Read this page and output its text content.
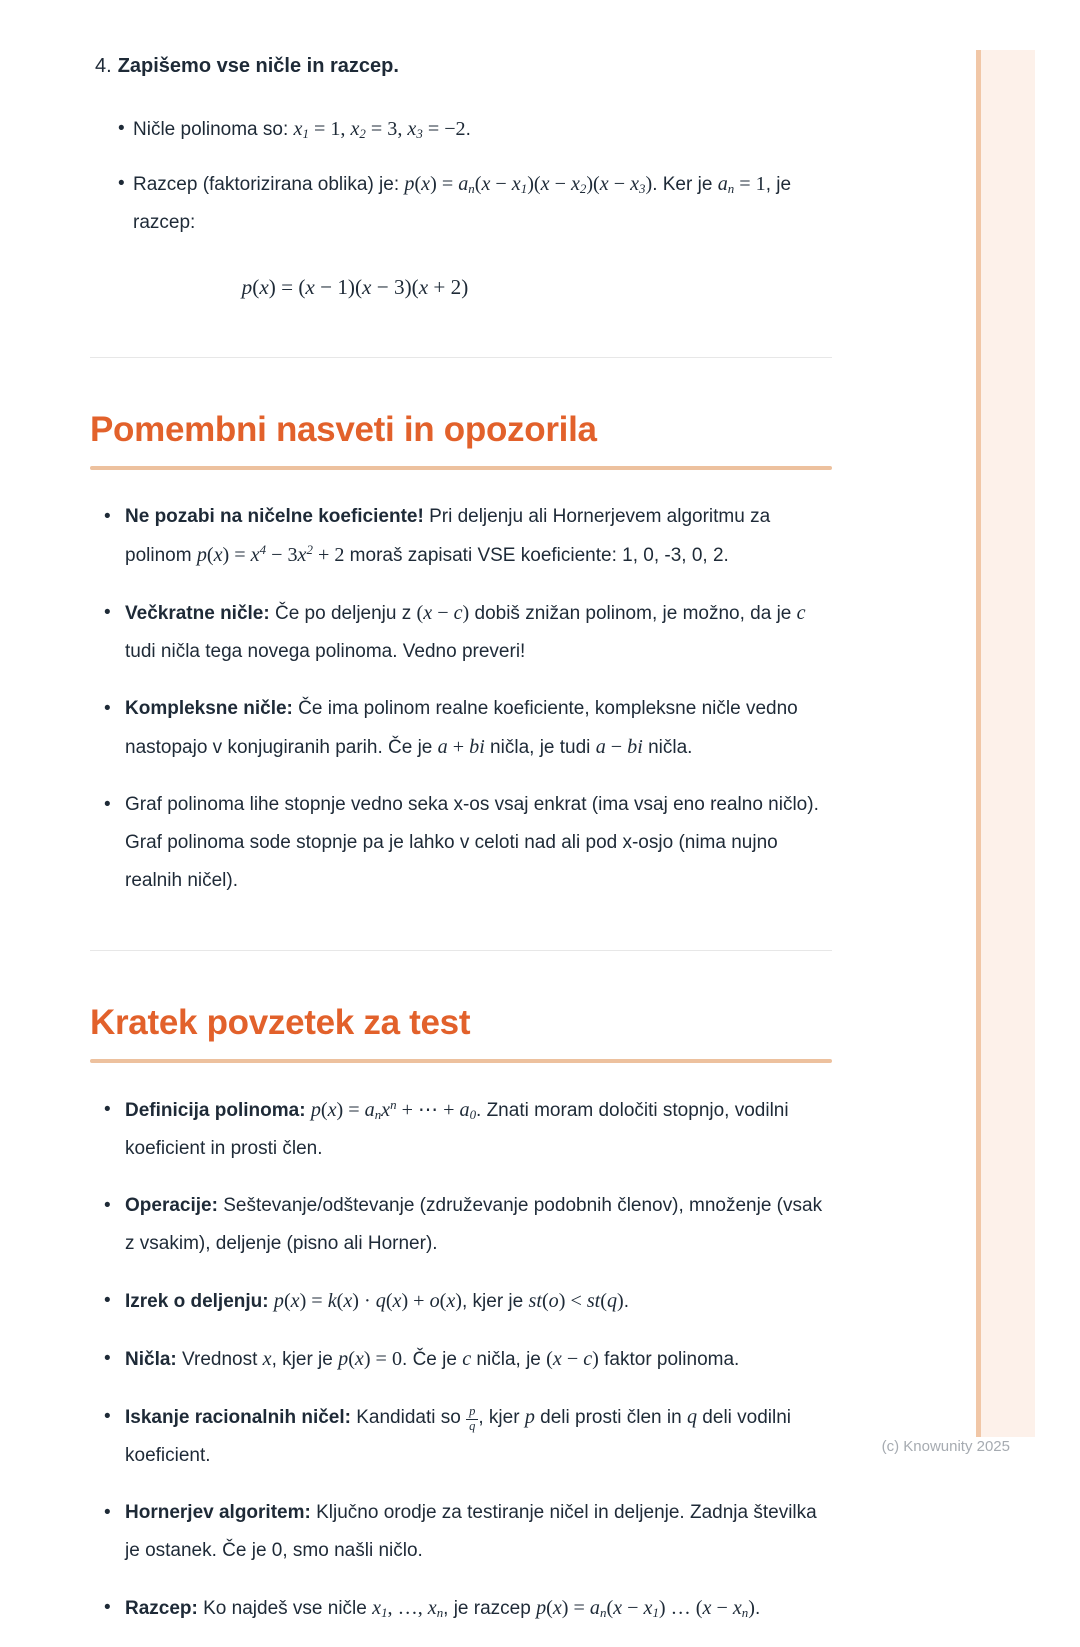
4. Zapišemo vse ničle in razcep.
• Ničle polinoma so: $x_1 = 1$, $x_2 = 3$, $x_3 = -2$.
• Razcep (faktorizirana oblika) je: $p(x) = a_n(x - x_1)(x - x_2)(x - x_3)$. Ker je $a_n = 1$, je razcep:
p(x) = (x − 1)(x − 3)(x + 2)
Pomembni nasveti in opozorila
• Ne pozabi na ničelne koeficiente! Pri deljenju ali Hornerjevem algoritmu za polinom $p(x) = x^4 - 3x^2 + 2$ moraš zapisati VSE koeficiente: 1, 0, -3, 0, 2.
• Večkratne ničle: Če po deljenju z (x − c) dobiš znižan polinom, je možno, da je c tudi ničla tega novega polinoma. Vedno preveri!
• Kompleksne ničle: Če ima polinom realne koeficiente, kompleksne ničle vedno nastopajo v konjugiranih parih. Če je a + bi ničla, je tudi a − bi ničla.
• Graf polinoma lihe stopnje vedno seka x-os vsaj enkrat (ima vsaj eno realno ničlo). Graf polinoma sode stopnje pa je lahko v celoti nad ali pod x-osjo (nima nujno realnih ničel).
Kratek povzetek za test
• Definicija polinoma: $p(x) = a_nx^n$ + ⋯ + $a_0$. Znati moram določiti stopnjo, vodilni koeficient in prosti člen.
• Operacije: Seštevanje/odštevanje (združevanje podobnih členov), množenje (vsak z vsakim), deljenje (pisno ali Horner).
• Izrek o deljenju: p(x) = k(x) · q(x) + o(x), kjer je st(o) < st(q).
• Ničla: Vrednost x, kjer je p(x) = 0. Če je c ničla, je (x − c) faktor polinoma.
• Iskanje racionalnih ničel: Kandidati so $\frac{p}{q}$ , kjer p deli prosti člen in q deli vodilni koeficient.
• Hornerjev algoritem: Ključno orodje za testiranje ničel in deljenje. Zadnja številka je ostanek. Če je 0, smo našli ničlo.
• Razcep: Ko najdeš vse ničle $x_1$, …, $x_n$, je razcep $p(x) = a_n(x - x_1)$ … $(x - x_n)$.
(c) Knowunity 2025
